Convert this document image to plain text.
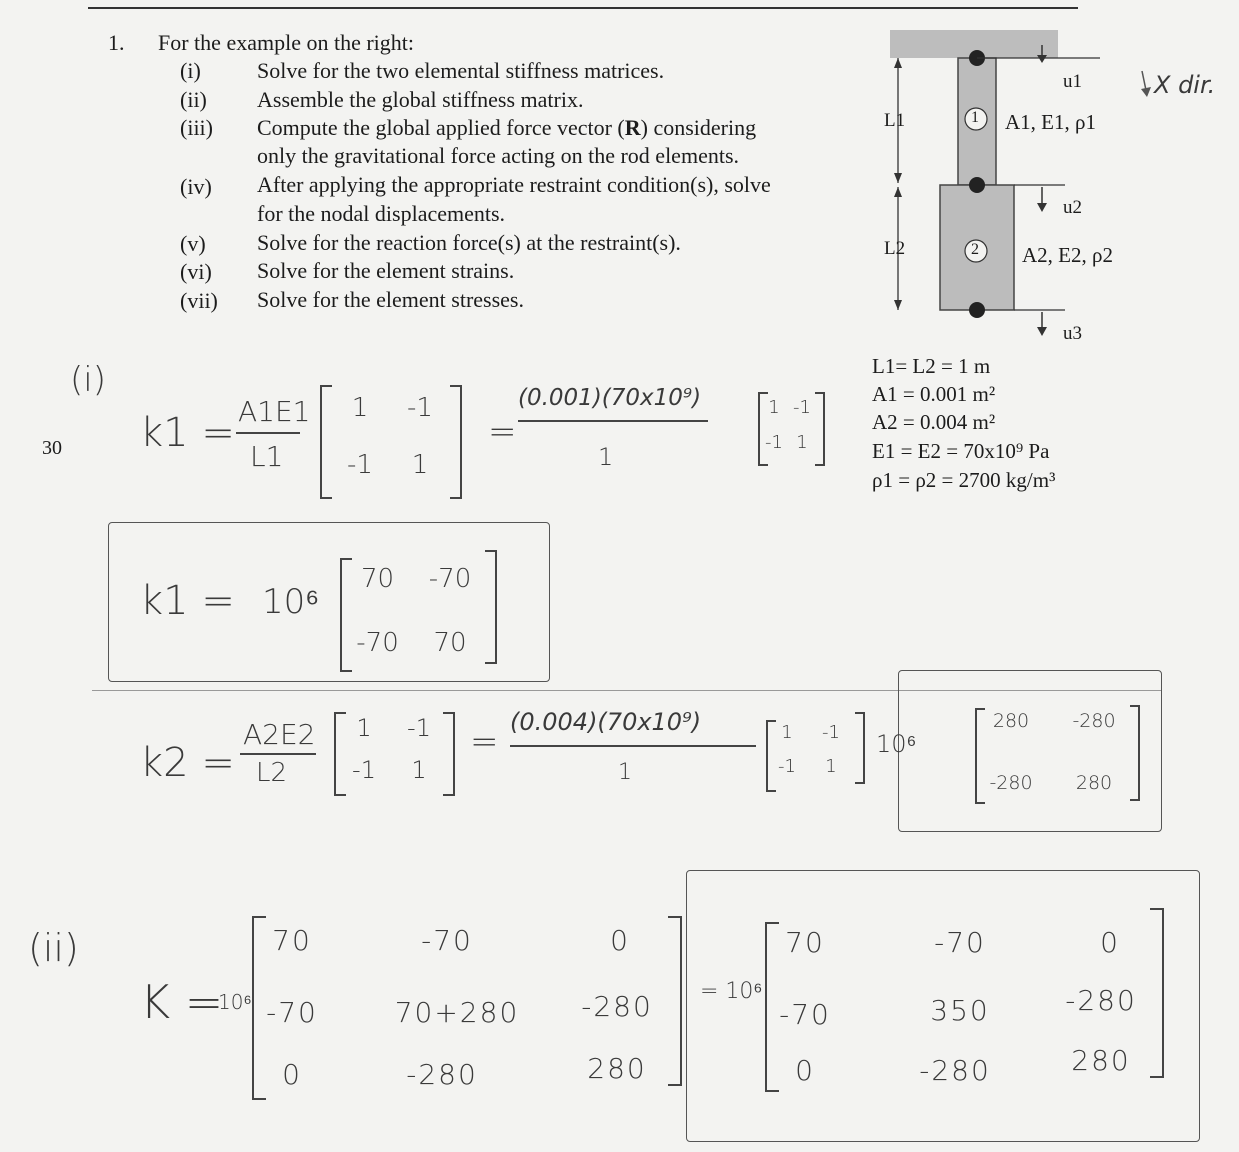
1. For the example on the right:
(i)	Solve for the two elemental stiffness matrices.
(ii) Assemble the global stiffness matrix.
(iii) Compute the global applied force vector (R) considering
only the gravitational force acting on the rod elements.
(iv) After applying the appropriate restraint condition(s), solve
for the nodal displacements.
(v) Solve for the reaction force(s) at the restraint(s).
(vi) Solve for the element strains.
(vii) Solve for the element stresses.
u1
u2
u3
L1
L2
1
2
A1, E1, ρ1
A2, E2, ρ2
X dir.
L1= L2 = 1 m
A1 = 0.001 m²
A2 = 0.004 m²
E1 = E2 = 70x10⁹ Pa
ρ1 = ρ2 = 2700 kg/m³
30
(i)
k1 = A1E1
L1
1	-1
-1	1
=
(0.001)(70x10⁹)
1
1 -1
-1 1
k1 = 10⁶
70	-70
-70	70
k2 =
A2E2
L2
1	-1
-1	1
= (0.004)(70x10⁹)
1
1	-1
-1	1
10⁶
280	-280
-280	280
(ii)
K =
10⁶
70	-70	0
-70	70+280	-280
0	-280	280
= 10⁶
70	-70	0
-70	350	-280
0	-280	280
